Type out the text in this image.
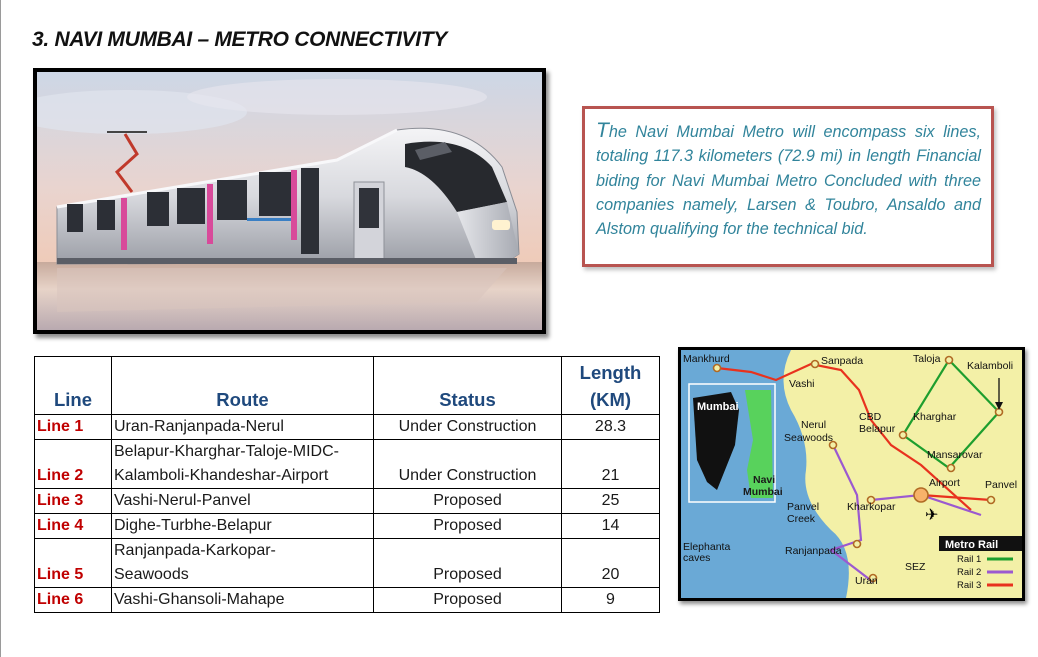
3. NAVI MUMBAI – METRO CONNECTIVITY

The Navi Mumbai Metro will encompass six lines, totaling 117.3 kilometers (72.9 mi) in length Financial biding for Navi Mumbai Metro Concluded with three companies namely, Larsen & Toubro, Ansaldo and Alstom qualifying for the technical bid.

Line	Route	Status	Length
(KM)
Line 1	Uran-Ranjanpada-Nerul	Under Construction	28.3
Line 2	Belapur-Kharghar-Taloje-MIDC-
Kalamboli-Khandeshar-Airport	Under Construction	21
Line 3	Vashi-Nerul-Panvel	Proposed	25
Line 4	Dighe-Turbhe-Belapur	Proposed	14
Line 5	Ranjanpada-Karkopar-
Seawoods	Proposed	20
Line 6	Vashi-Ghansoli-Mahape	Proposed	9
✈
Mankhurd	Sanpada
Vashi
Taloja
Kalamboli
Mumbai
Nerul
Seawoods
CBD
Belapur
Kharghar
Mansarovar
Navi
Mumbai
Airport Panvel
Panvel
Creek
Kharkopar
Elephanta
caves
Ranjanpada
SEZ
Uran
Metro Rail
Rail 1
Rail 2
Rail 3
